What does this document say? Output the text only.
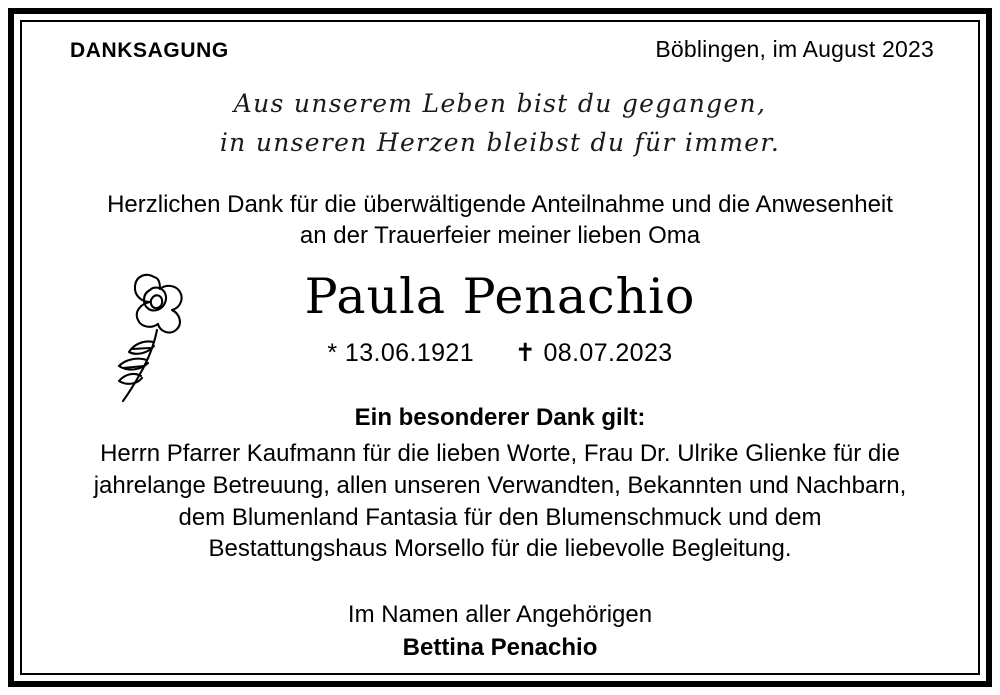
DANKSAGUNG	Böblingen, im August 2023
Aus unserem Leben bist du gegangen,
in unseren Herzen bleibst du für immer.
Herzlichen Dank für die überwältigende Anteilnahme und die Anwesenheit
an der Trauerfeier meiner lieben Oma
Paula Penachio
* 13.06.1921 ✝ 08.07.2023
Ein besonderer Dank gilt:
Herrn Pfarrer Kaufmann für die lieben Worte, Frau Dr. Ulrike Glienke für die
jahrelange Betreuung, allen unseren Verwandten, Bekannten und Nachbarn,
dem Blumenland Fantasia für den Blumenschmuck und dem
Bestattungshaus Morsello für die liebevolle Begleitung.
Im Namen aller Angehörigen
Bettina Penachio
